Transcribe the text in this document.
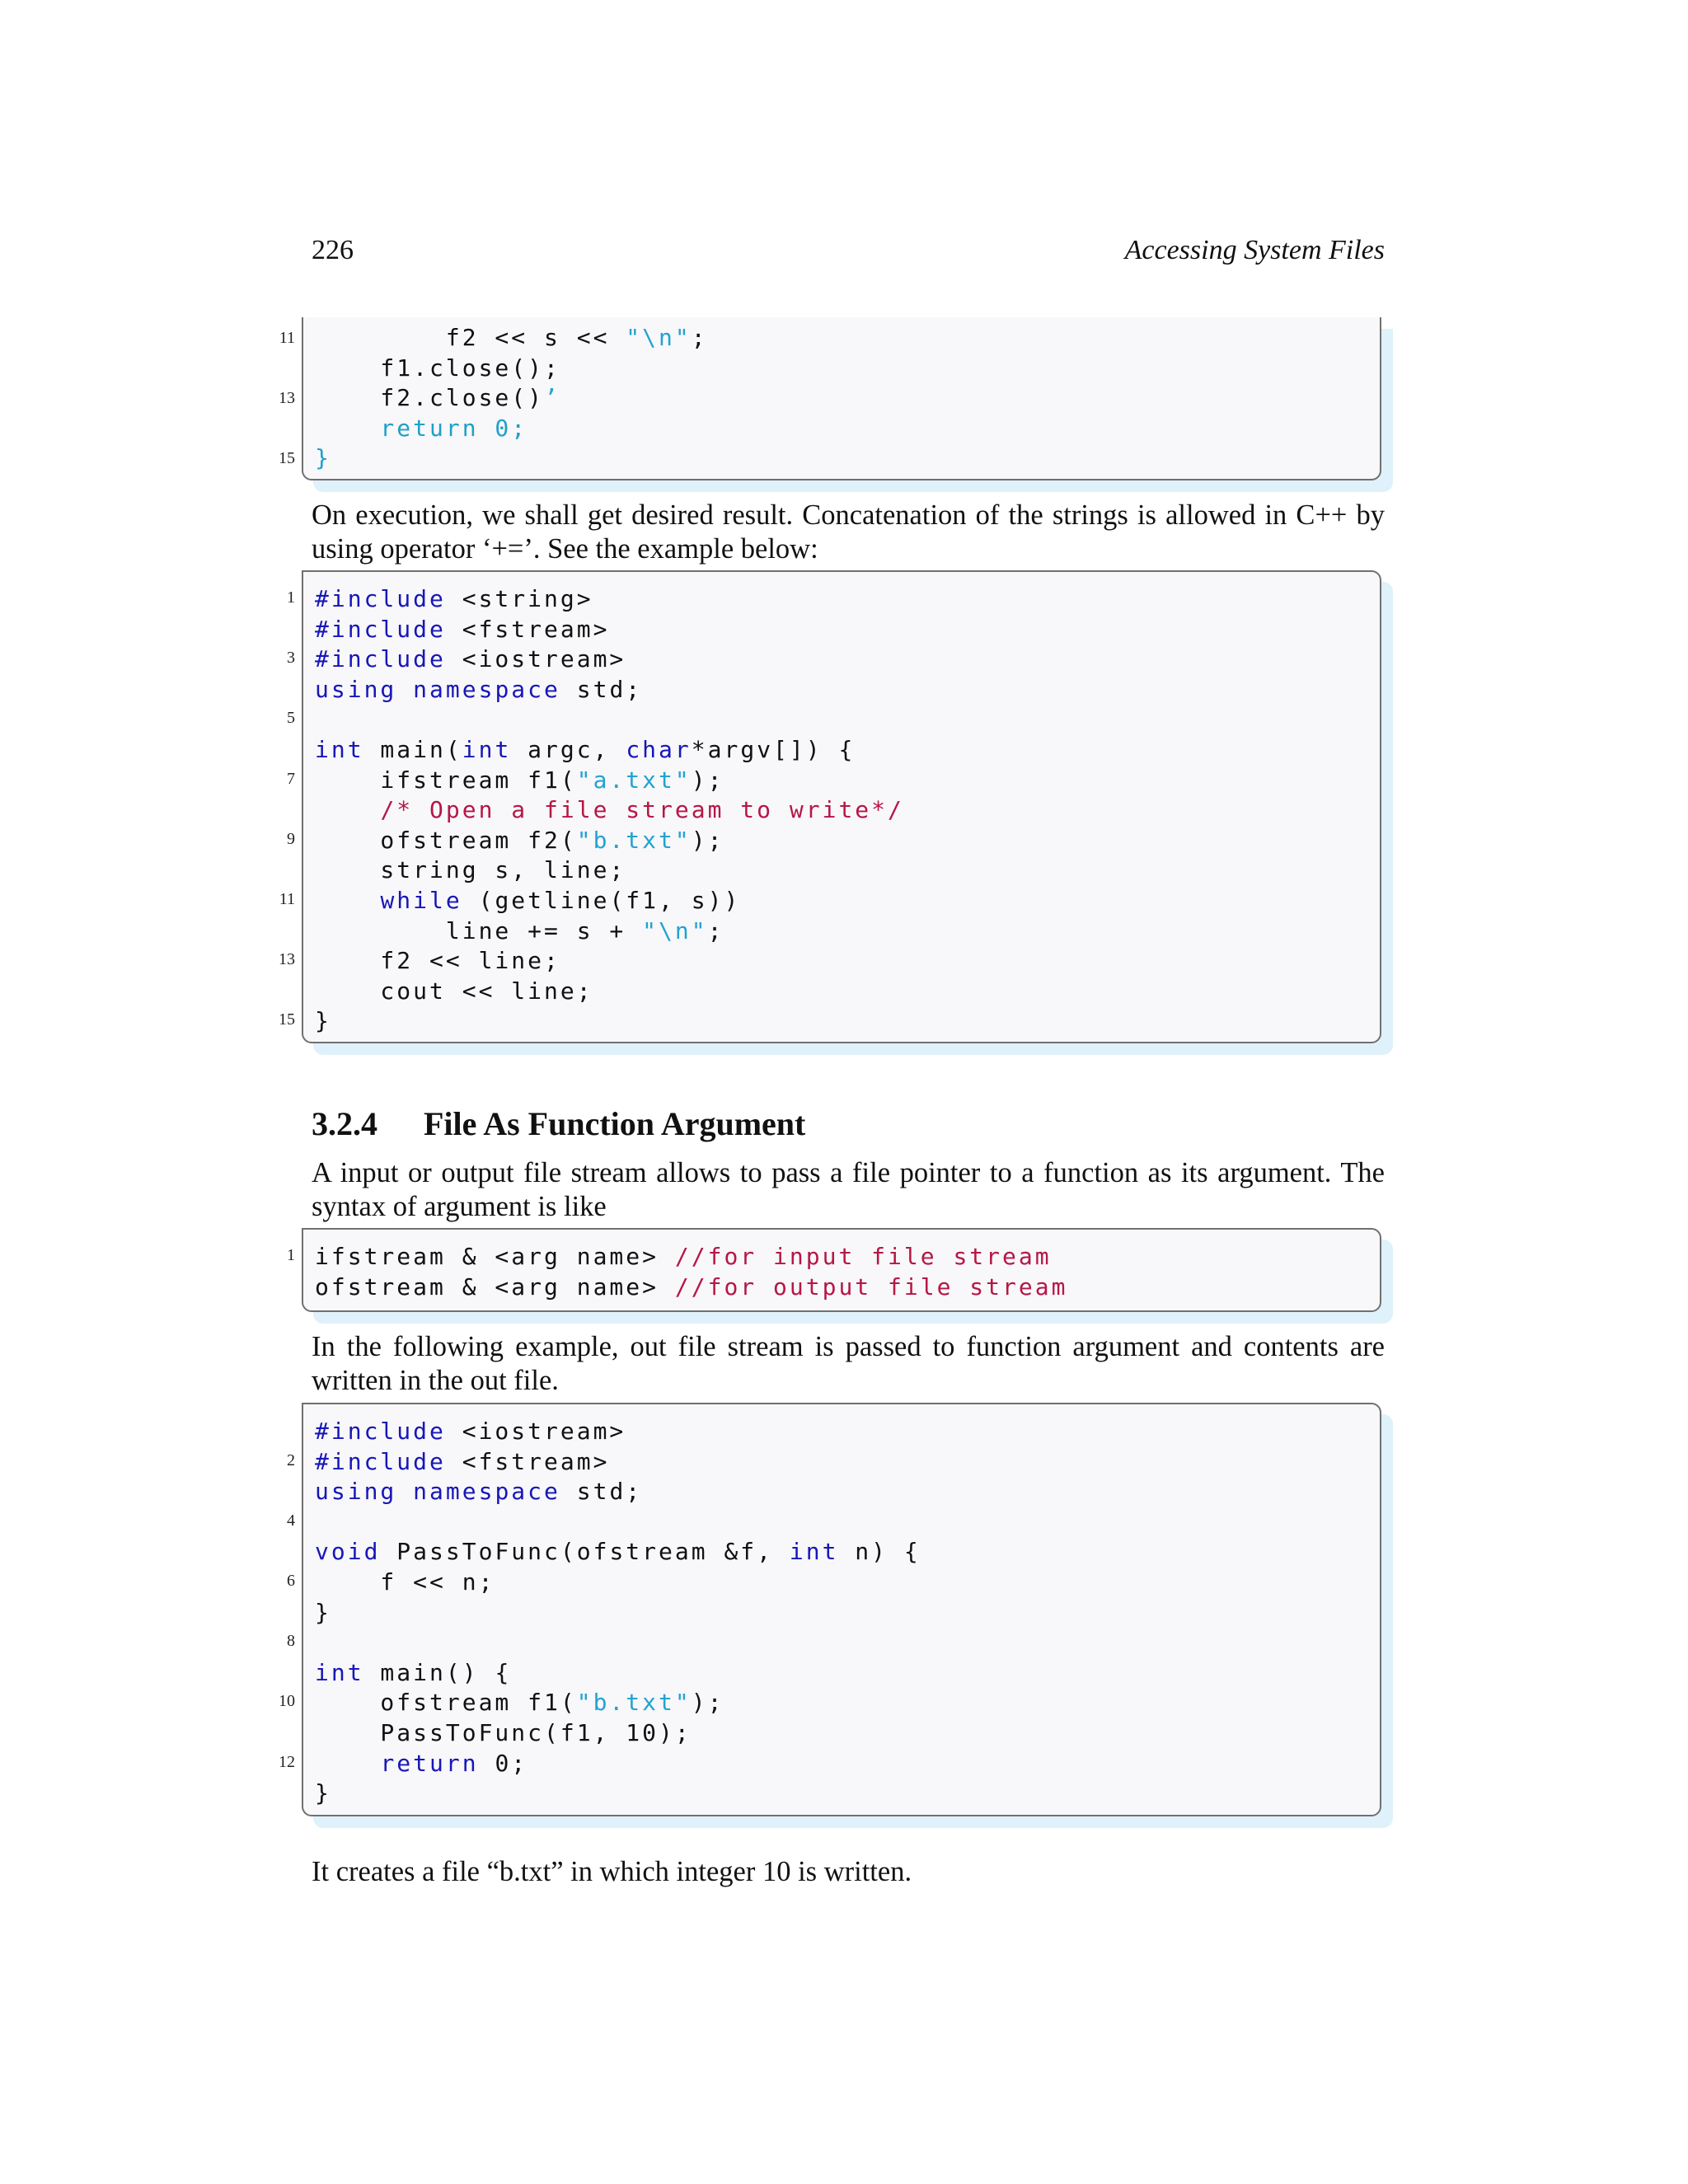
226	Accessing System Files
f2 << s << "\n";
f1.close();
f2.close()’
return 0;
}
11
13
15
On execution, we shall get desired result. Concatenation of the strings is allowed in C++ by using operator ‘+=’. See the example below:
#include <string>
#include <fstream>
#include <iostream>
using namespace std;
int main(int argc, char*argv[]) {
ifstream f1("a.txt");
/* Open a file stream to write*/
ofstream f2("b.txt");
string s, line;
while (getline(f1, s))
line += s + "\n";
f2 << line;
cout << line;
}
1
3
5
7
9
11
13
15
3.2.4 File As Function Argument
A input or output file stream allows to pass a file pointer to a function as its argument. The syntax of argument is like
ifstream & <arg name> //for input file stream
ofstream & <arg name> //for output file stream
1
In the following example, out file stream is passed to function argument and contents are written in the out file.
#include <iostream>
#include <fstream>
using namespace std;
void PassToFunc(ofstream &f, int n) {
f << n;
}
int main() {
ofstream f1("b.txt");
PassToFunc(f1, 10);
return 0;
}
2
4
6
8
10
12
It creates a file “b.txt” in which integer 10 is written.
